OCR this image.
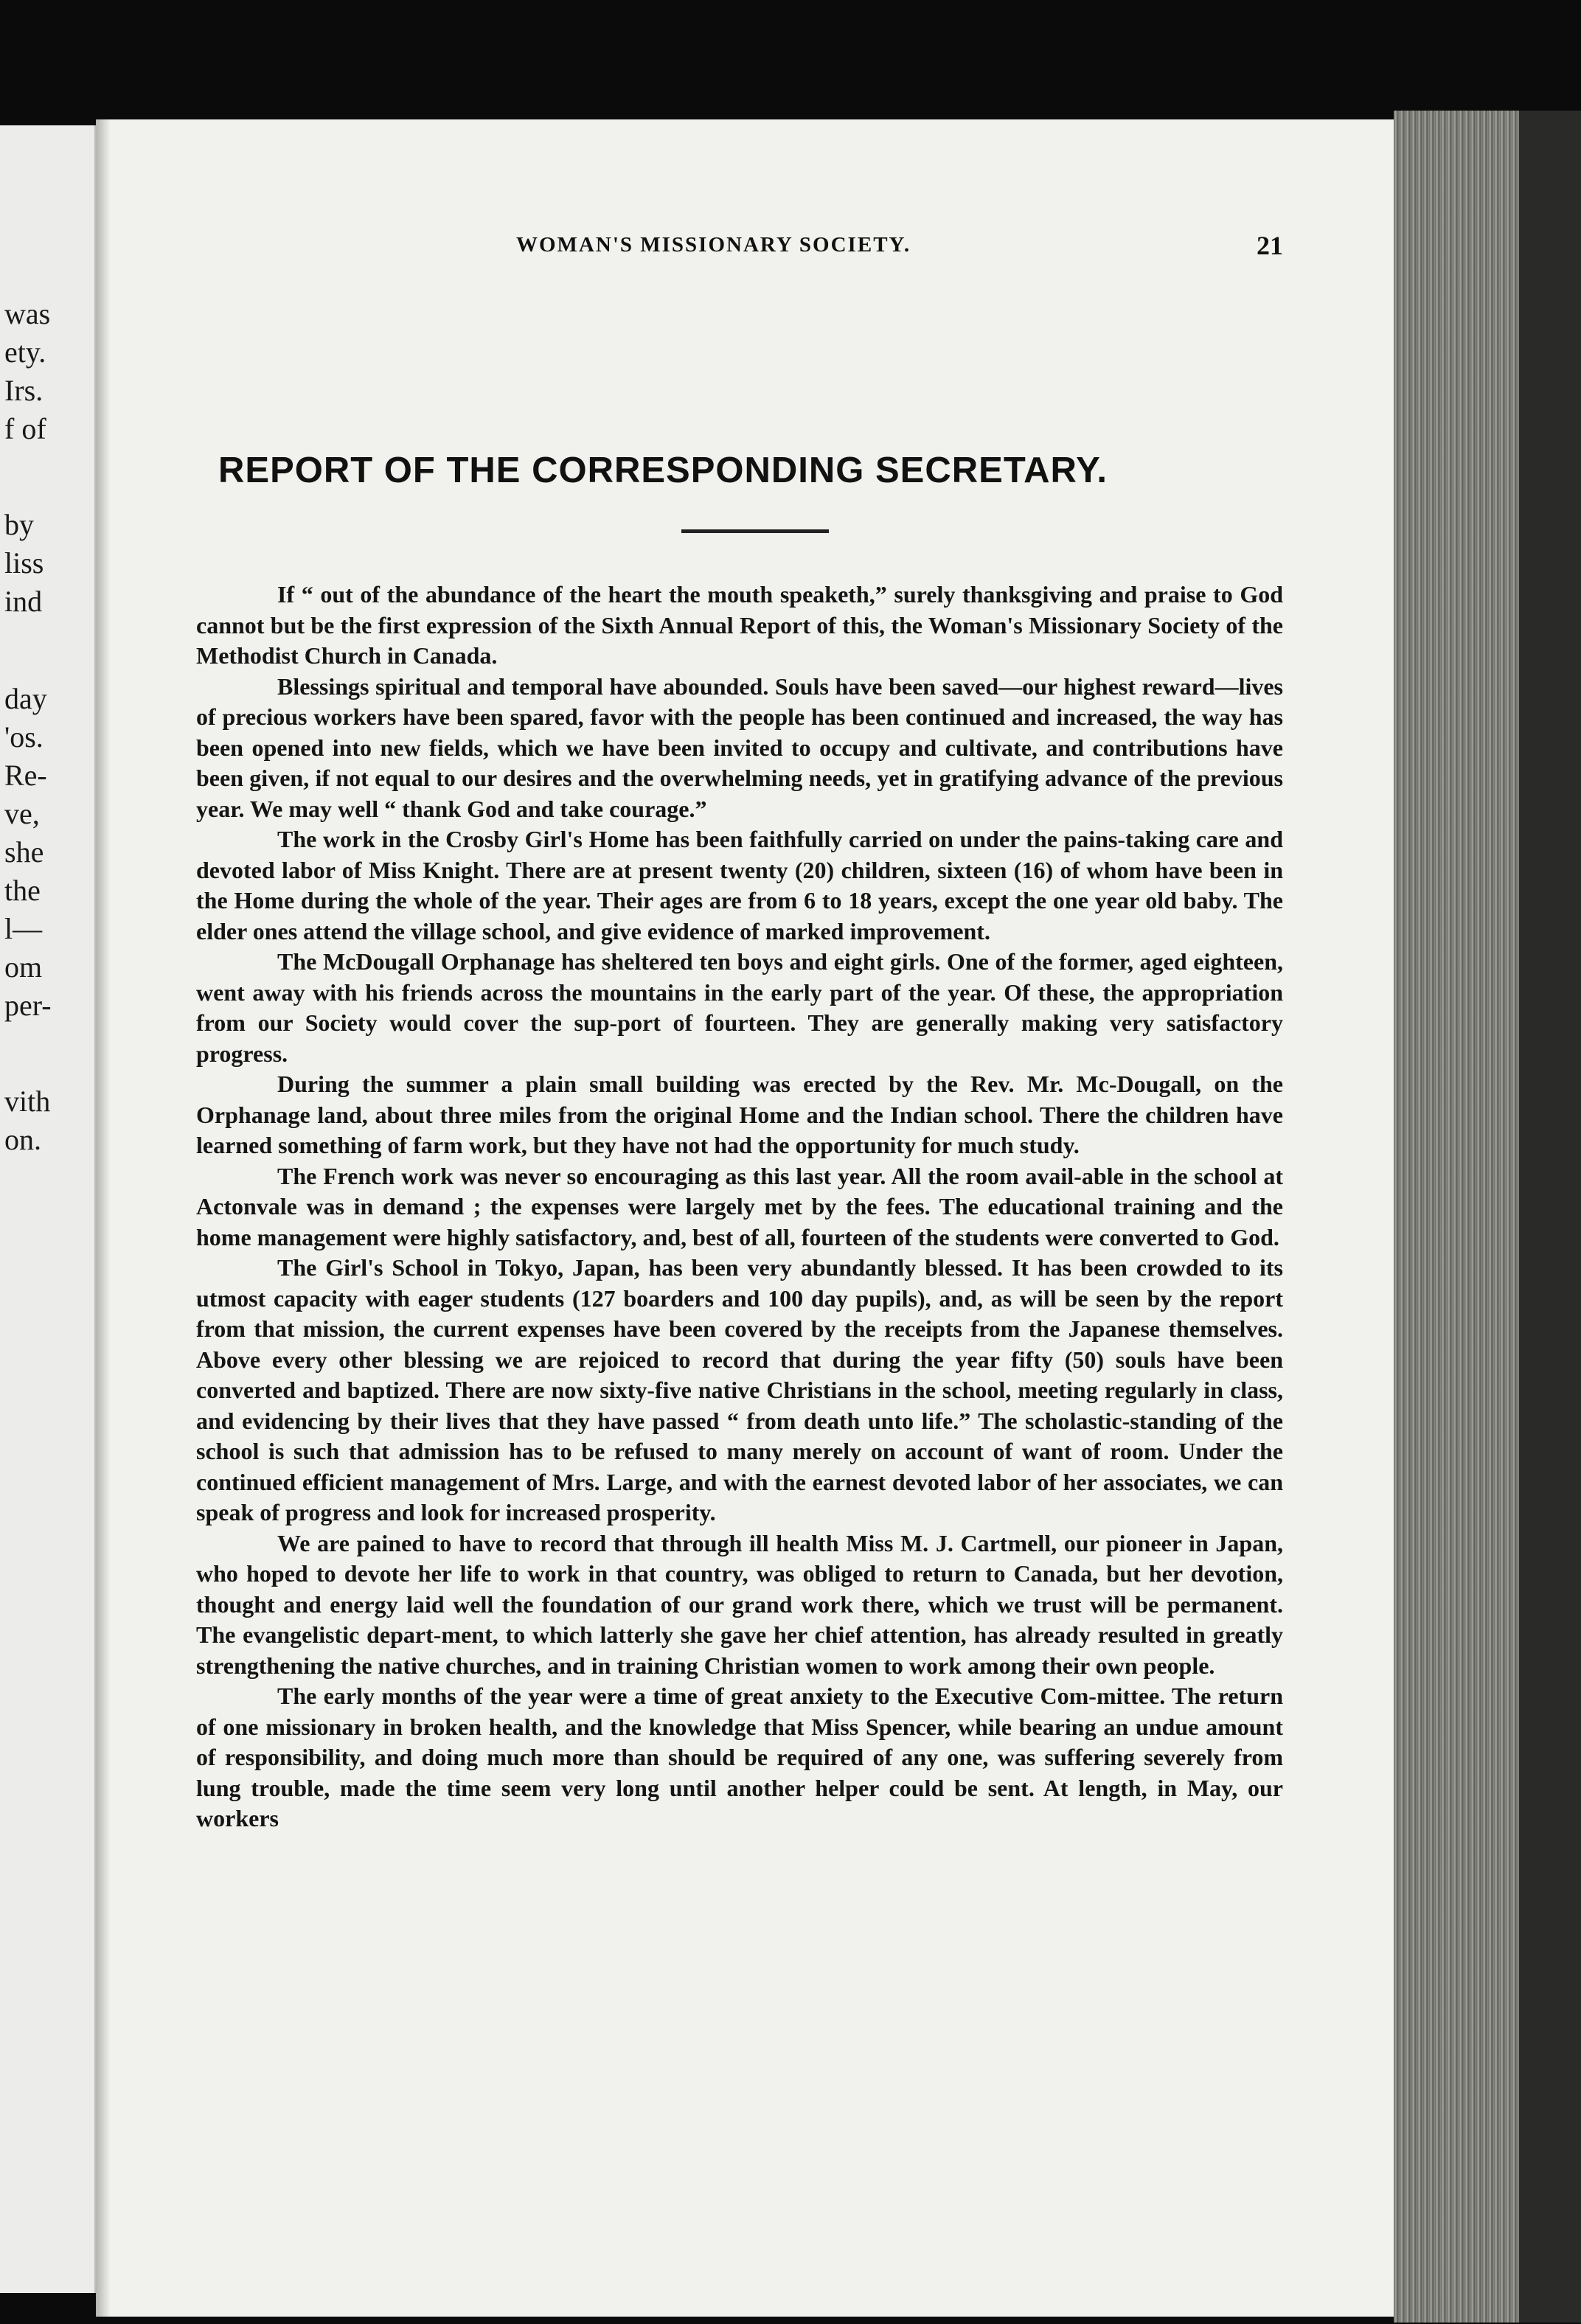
was
ety.
Irs.
f of
by
liss
ind
day
'os.
Re-
ve,
she
the
l—
om
per-
vith
on.
WOMAN'S MISSIONARY SOCIETY.	21
REPORT OF THE CORRESPONDING SECRETARY.

If “ out of the abundance of the heart the mouth speaketh,” surely thanksgiving and praise to God cannot but be the first expression of the Sixth Annual Report of this, the Woman's Missionary Society of the Methodist Church in Canada.

Blessings spiritual and temporal have abounded. Souls have been saved—our highest reward—lives of precious workers have been spared, favor with the people has been continued and increased, the way has been opened into new fields, which we have been invited to occupy and cultivate, and contributions have been given, if not equal to our desires and the overwhelming needs, yet in gratifying advance of the previous year. We may well “ thank God and take courage.”

The work in the Crosby Girl's Home has been faithfully carried on under the pains-taking care and devoted labor of Miss Knight. There are at present twenty (20) children, sixteen (16) of whom have been in the Home during the whole of the year. Their ages are from 6 to 18 years, except the one year old baby. The elder ones attend the village school, and give evidence of marked improvement.

The McDougall Orphanage has sheltered ten boys and eight girls. One of the former, aged eighteen, went away with his friends across the mountains in the early part of the year. Of these, the appropriation from our Society would cover the sup-port of fourteen. They are generally making very satisfactory progress.

During the summer a plain small building was erected by the Rev. Mr. Mc-Dougall, on the Orphanage land, about three miles from the original Home and the Indian school. There the children have learned something of farm work, but they have not had the opportunity for much study.

The French work was never so encouraging as this last year. All the room avail-able in the school at Actonvale was in demand ; the expenses were largely met by the fees. The educational training and the home management were highly satisfactory, and, best of all, fourteen of the students were converted to God.

The Girl's School in Tokyo, Japan, has been very abundantly blessed. It has been crowded to its utmost capacity with eager students (127 boarders and 100 day pupils), and, as will be seen by the report from that mission, the current expenses have been covered by the receipts from the Japanese themselves. Above every other blessing we are rejoiced to record that during the year fifty (50) souls have been converted and baptized. There are now sixty-five native Christians in the school, meeting regularly in class, and evidencing by their lives that they have passed “ from death unto life.” The scholastic-standing of the school is such that admission has to be refused to many merely on account of want of room. Under the continued efficient management of Mrs. Large, and with the earnest devoted labor of her associates, we can speak of progress and look for increased prosperity.

We are pained to have to record that through ill health Miss M. J. Cartmell, our pioneer in Japan, who hoped to devote her life to work in that country, was obliged to return to Canada, but her devotion, thought and energy laid well the foundation of our grand work there, which we trust will be permanent. The evangelistic depart-ment, to which latterly she gave her chief attention, has already resulted in greatly strengthening the native churches, and in training Christian women to work among their own people.

The early months of the year were a time of great anxiety to the Executive Com-mittee. The return of one missionary in broken health, and the knowledge that Miss Spencer, while bearing an undue amount of responsibility, and doing much more than should be required of any one, was suffering severely from lung trouble, made the time seem very long until another helper could be sent. At length, in May, our workers
